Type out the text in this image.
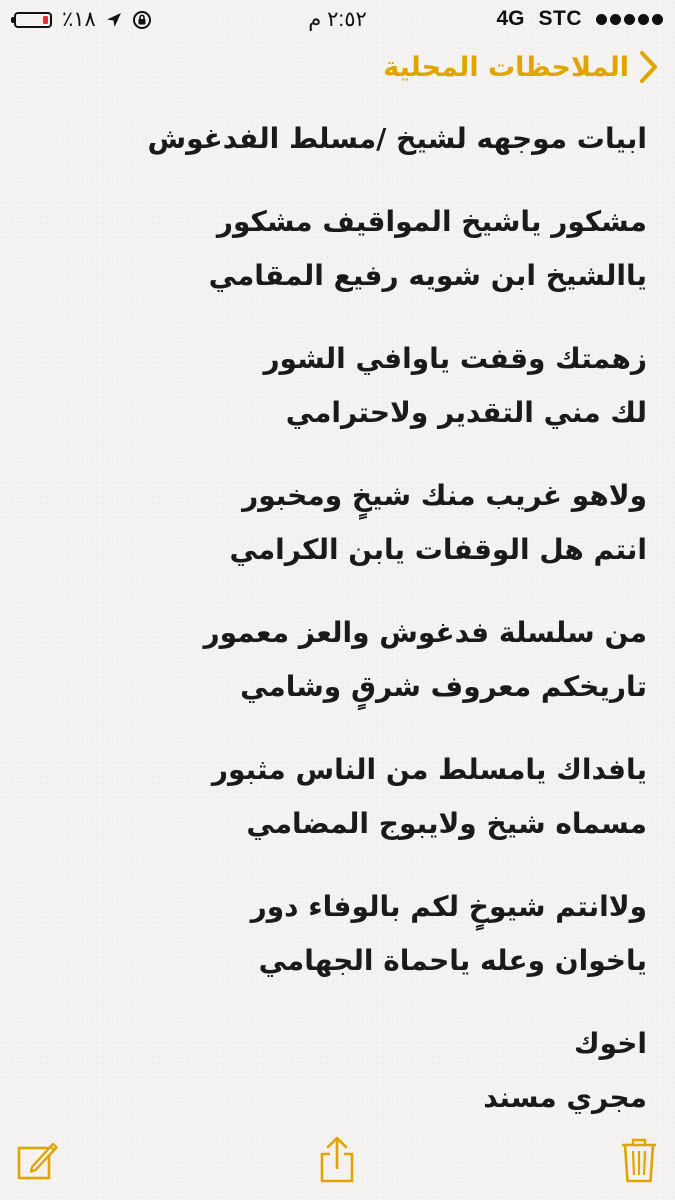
٪١٨	٢:٥٢ م	4G STC
الملاحظات المحلية
ابيات موجهه لشيخ /مسلط الفدغوش
مشكور ياشيخ المواقيف مشكور
ياالشيخ ابن شويه رفيع المقامي
زهمتك وقفت ياوافي الشور
لك مني التقدير ولاحترامي
ولاهو غريب منك شيخٍ ومخبور
انتم هل الوقفات يابن الكرامي
من سلسلة فدغوش والعز معمور
تاريخكم معروف شرقٍ وشامي
يافداك يامسلط من الناس مثبور
مسماه شيخ ولايبوج المضامي
ولاانتم شيوخٍ لكم بالوفاء دور
ياخوان وعله ياحماة الجهامي
اخوك
مجري مسند
